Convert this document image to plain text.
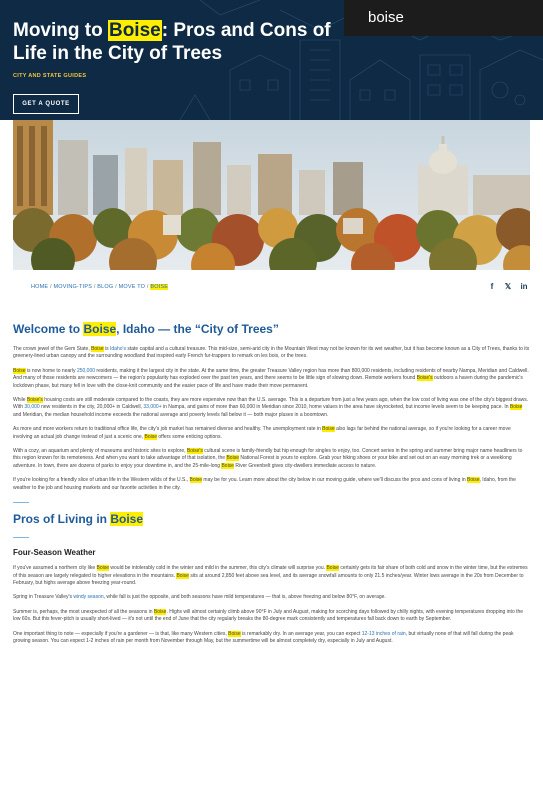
Moving to Boise: Pros and Cons of Life in the City of Trees
CITY AND STATE GUIDES
GET A QUOTE
boise
HOME / MOVING-TIPS / BLOG / MOVE TO / BOISE	f	𝕏 in
Welcome to Boise, Idaho — the “City of Trees”

The crown jewel of the Gem State, Boise is Idaho's state capital and a cultural treasure. This mid-size, semi-arid city in the Mountain West may not be known for its wet weather, but it has become known as a City of Trees, thanks to its greenery-lined urban canopy and the surrounding woodland that inspired early French fur-trappers to remark on les bois, or the trees.

Boise is now home to nearly 250,000 residents, making it the largest city in the state. At the same time, the greater Treasure Valley region has more than 800,000 residents, including residents of nearby Nampa, Meridian and Caldwell. And many of those residents are newcomers — the region's popularity has exploded over the past ten years, and there seems to be little sign of slowing down. Remote workers found Boise's outdoors a haven during the pandemic's lockdown phase, but many fell in love with the close-knit community and the easier pace of life and have made their move permanent.

While Boise's housing costs are still moderate compared to the coasts, they are more expensive now than the U.S. average. This is a departure from just a few years ago, when the low cost of living was one of the city's biggest draws. With 30,000 new residents in the city, 20,000+ in Caldwell, 33,000+ in Nampa, and gains of more than 60,000 in Meridian since 2010, home values in the area have skyrocketed, but income levels seem to be keeping pace. In Boise and Meridian, the median household income exceeds the national average and poverty levels fall below it — both major pluses in a boomtown.

As more and more workers return to traditional office life, the city's job market has remained diverse and healthy. The unemployment rate in Boise also lags far behind the national average, so if you're looking for a career move involving an actual job change instead of just a scenic one, Boise offers some enticing options.

With a cozy, an aquarium and plenty of museums and historic sites to explore, Boise's cultural scene is family-friendly but hip enough for singles to enjoy, too. Concert series in the spring and summer bring major name headliners to this region known for its remoteness. And when you want to take advantage of that isolation, the Boise National Forest is yours to explore. Grab your hiking shoes or your bike and set out on an easy morning trek or a weeklong adventure. In town, there are dozens of parks to enjoy your downtime in, and the 25-mile-long Boise River Greenbelt gives city-dwellers immediate access to nature.

If you're looking for a friendly slice of urban life in the Western wilds of the U.S., Boise may be for you. Learn more about the city below in our moving guide, where we'll discuss the pros and cons of living in Boise, Idaho, from the weather to the job and housing markets and our favorite activities in the city.

Pros of Living in Boise
Four-Season Weather

If you've assumed a northern city like Boise would be intolerably cold in the winter and mild in the summer, this city's climate will surprise you. Boise certainly gets its fair share of both cold and snow in the winter time, but the extremes of this season are largely relegated to higher elevations in the mountains. Boise sits at around 2,850 feet above sea level, and its average snowfall amounts to only 21.5 inches/year. Winter lows average in the 20s from December to February, but highs average above freezing year-round.

Spring in Treasure Valley's windy season, while fall is just the opposite, and both seasons have mild temperatures — that is, above freezing and below 80°F, on average.

Summer is, perhaps, the most unexpected of all the seasons in Boise. Highs will almost certainly climb above 90°F in July and August, making for scorching days followed by chilly nights, with evening temperatures dropping into the low 60s. But this fever-pitch is usually short-lived — it's not until the end of June that the city regularly breaks the 80-degree mark consistently and temperatures fall back down to earth by September.

One important thing to note — especially if you're a gardener — is that, like many Western cities, Boise is remarkably dry. In an average year, you can expect 12-13 inches of rain, but virtually none of that will fall during the peak growing season. You can expect 1-2 inches of rain per month from November through May, but the summertime will be almost completely dry, especially in July and August.
